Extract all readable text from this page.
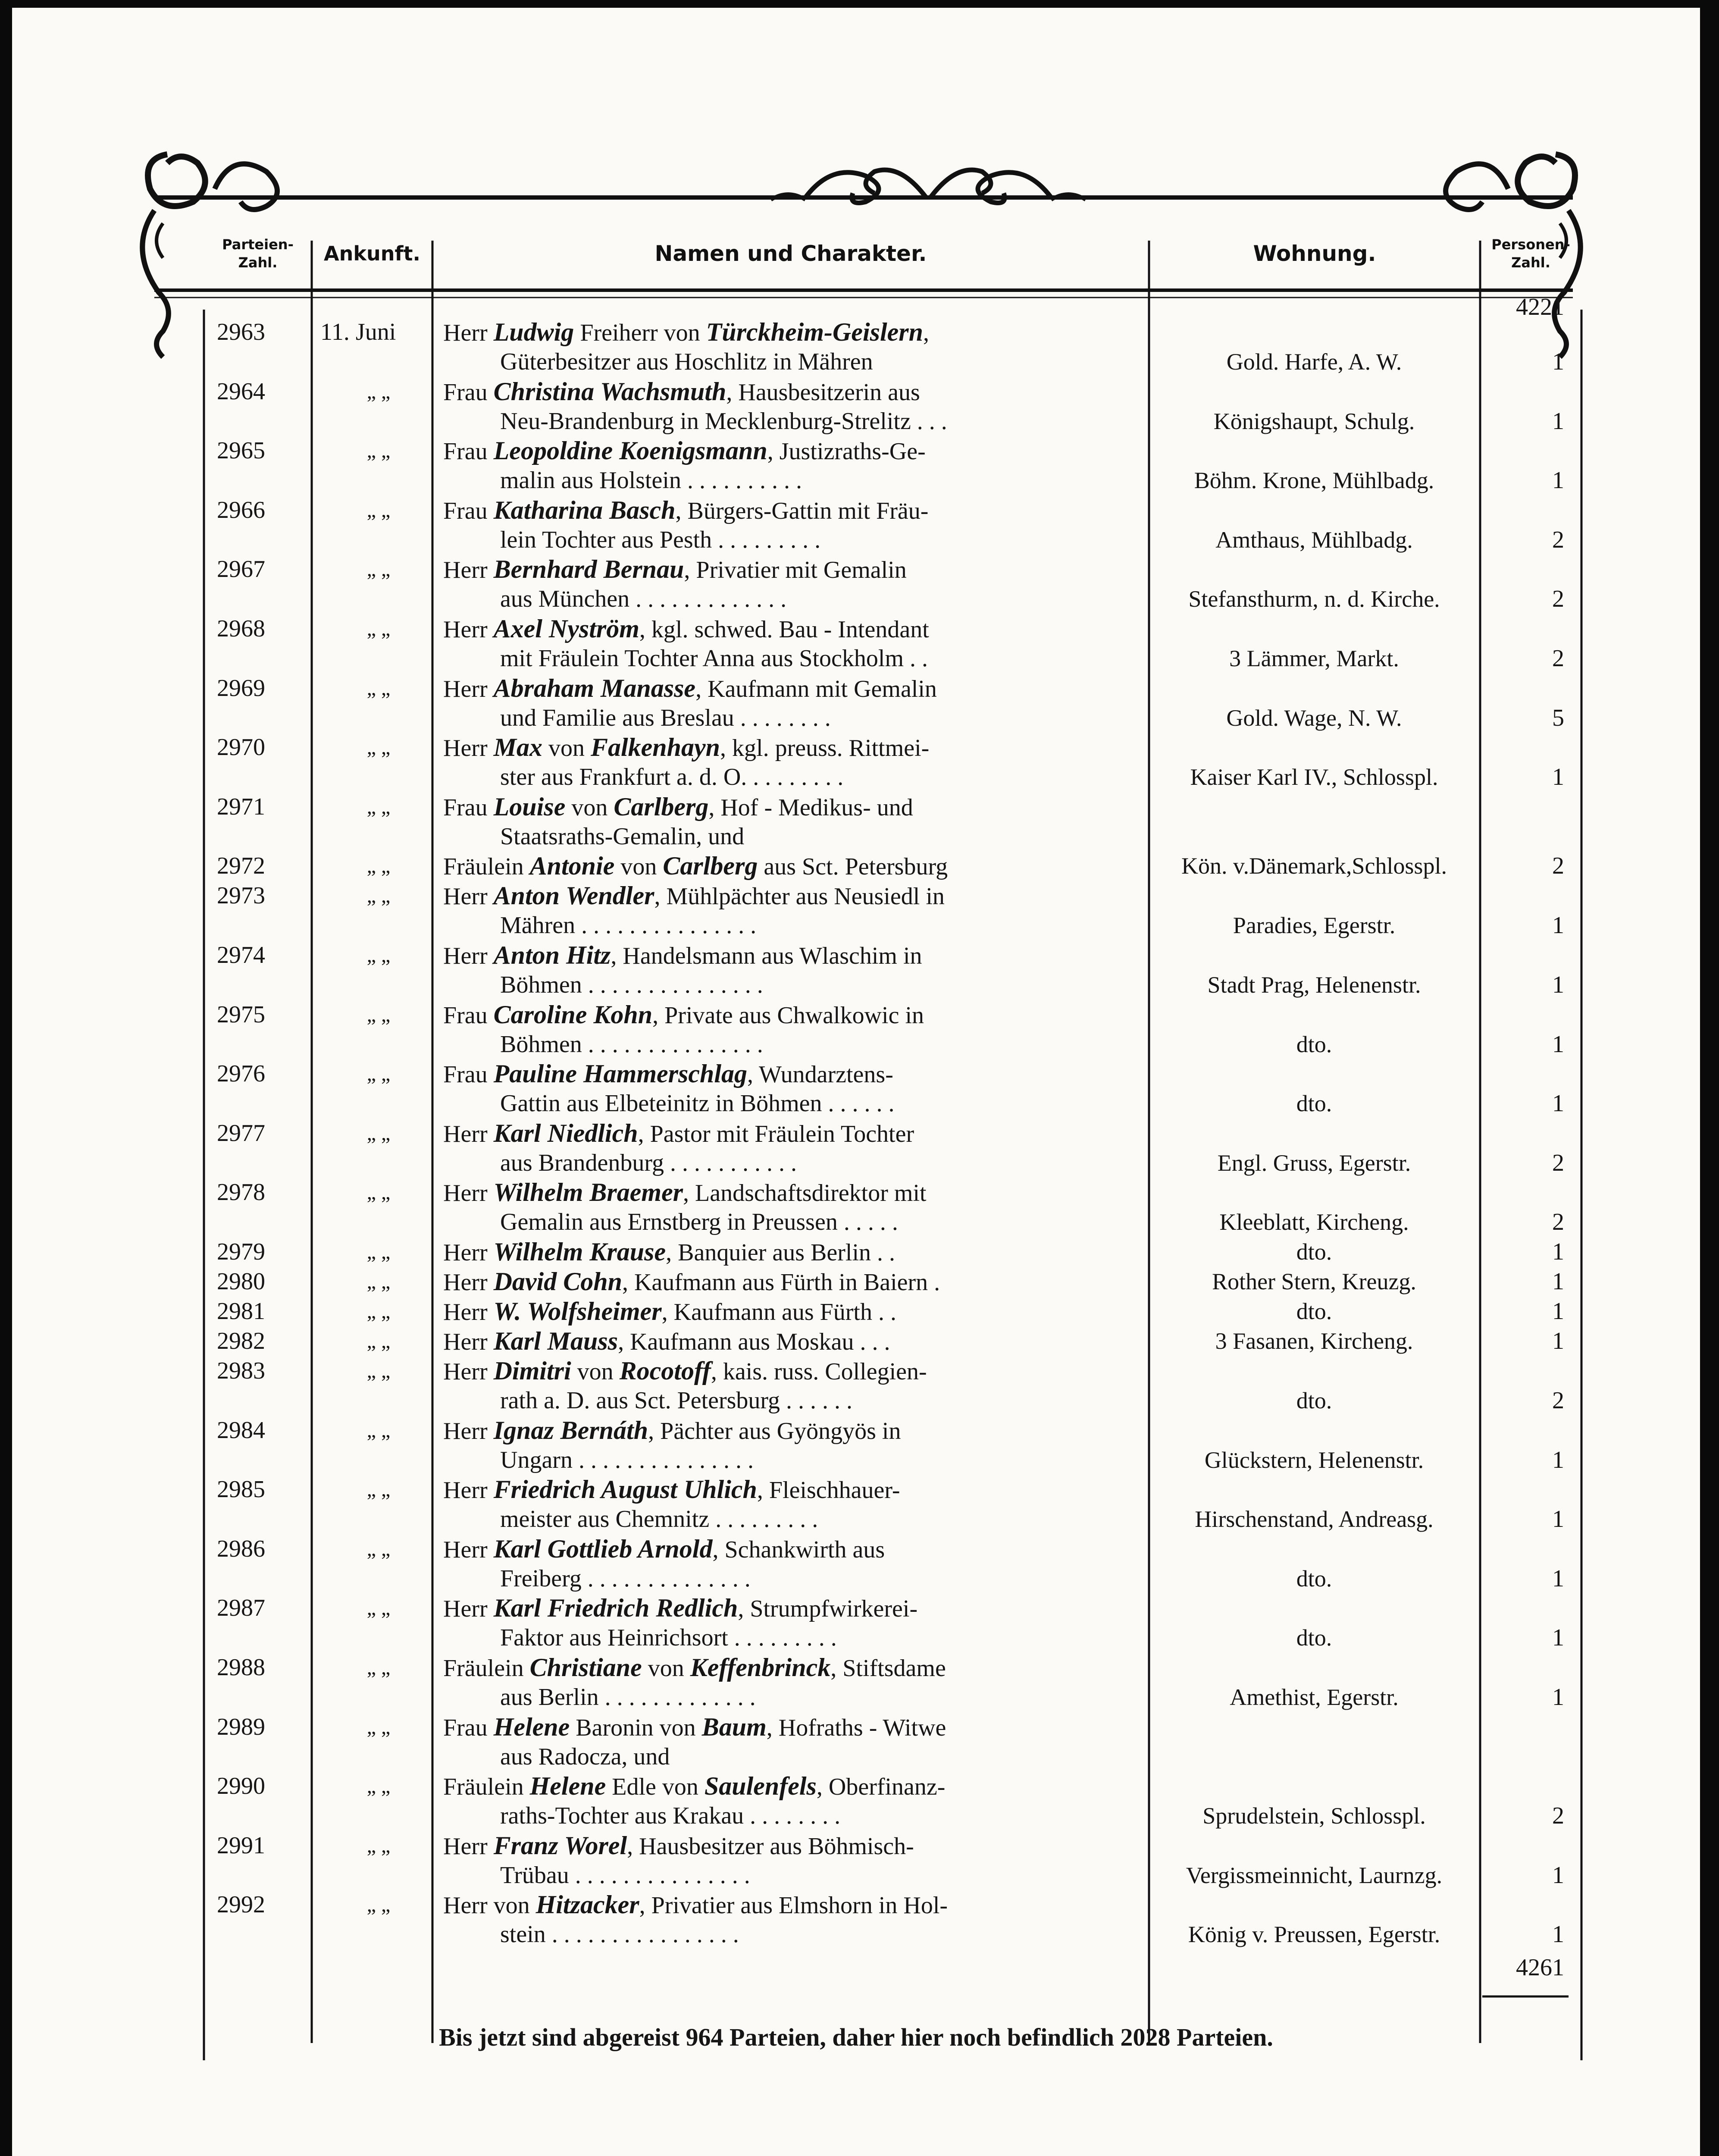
Parteien-
Zahl.	Ankunft.	Namen und Charakter.	Wohnung.	Personen-
Zahl.
4221
2963	11. Juni	Herr Ludwig Freiherr von Türckheim-Geislern,
Güterbesitzer aus Hoschlitz in Mähren	Gold. Harfe, A. W.	1
2964	„ „	Frau Christina Wachsmuth, Hausbesitzerin aus
Neu-Brandenburg in Mecklenburg-Strelitz . . .	Königshaupt, Schulg.	1
2965	„ „	Frau Leopoldine Koenigsmann, Justizraths-Ge-
malin aus Holstein . . . . . . . . . .	Böhm. Krone, Mühlbadg.	1
2966	„ „	Frau Katharina Basch, Bürgers-Gattin mit Fräu-
lein Tochter aus Pesth . . . . . . . . .	Amthaus, Mühlbadg.	2
2967	„ „	Herr Bernhard Bernau, Privatier mit Gemalin
aus München . . . . . . . . . . . . .	Stefansthurm, n. d. Kirche.	2
2968	„ „	Herr Axel Nyström, kgl. schwed. Bau - Intendant
mit Fräulein Tochter Anna aus Stockholm . .	3 Lämmer, Markt.	2
2969	„ „	Herr Abraham Manasse, Kaufmann mit Gemalin
und Familie aus Breslau . . . . . . . .	Gold. Wage, N. W.	5
2970	„ „	Herr Max von Falkenhayn, kgl. preuss. Rittmei-
ster aus Frankfurt a. d. O. . . . . . . . .	Kaiser Karl IV., Schlosspl.	1
2971	„ „	Frau Louise von Carlberg, Hof - Medikus- und
Staatsraths-Gemalin, und
2972	„ „	Fräulein Antonie von Carlberg aus Sct. Petersburg	Kön. v.Dänemark,Schlosspl.	2
2973	„ „	Herr Anton Wendler, Mühlpächter aus Neusiedl in
Mähren . . . . . . . . . . . . . . .	Paradies, Egerstr.	1
2974	„ „	Herr Anton Hitz, Handelsmann aus Wlaschim in
Böhmen . . . . . . . . . . . . . . .	Stadt Prag, Helenenstr.	1
2975	„ „	Frau Caroline Kohn, Private aus Chwalkowic in
Böhmen . . . . . . . . . . . . . . .	dto.	1
2976	„ „	Frau Pauline Hammerschlag, Wundarztens-
Gattin aus Elbeteinitz in Böhmen . . . . . .	dto.	1
2977	„ „	Herr Karl Niedlich, Pastor mit Fräulein Tochter
aus Brandenburg . . . . . . . . . . .	Engl. Gruss, Egerstr.	2
2978	„ „	Herr Wilhelm Braemer, Landschaftsdirektor mit
Gemalin aus Ernstberg in Preussen . . . . .	Kleeblatt, Kircheng.	2
2979	„ „	Herr Wilhelm Krause, Banquier aus Berlin . .	dto.	1
2980	„ „	Herr David Cohn, Kaufmann aus Fürth in Baiern .	Rother Stern, Kreuzg.	1
2981	„ „	Herr W. Wolfsheimer, Kaufmann aus Fürth . .	dto.	1
2982	„ „	Herr Karl Mauss, Kaufmann aus Moskau . . .	3 Fasanen, Kircheng.	1
2983	„ „	Herr Dimitri von Rocotoff, kais. russ. Collegien-
rath a. D. aus Sct. Petersburg . . . . . .	dto.	2
2984	„ „	Herr Ignaz Bernáth, Pächter aus Gyöngyös in
Ungarn . . . . . . . . . . . . . . .	Glückstern, Helenenstr.	1
2985	„ „	Herr Friedrich August Uhlich, Fleischhauer-
meister aus Chemnitz . . . . . . . . .	Hirschenstand, Andreasg.	1
2986	„ „	Herr Karl Gottlieb Arnold, Schankwirth aus
Freiberg . . . . . . . . . . . . . .	dto.	1
2987	„ „	Herr Karl Friedrich Redlich, Strumpfwirkerei-
Faktor aus Heinrichsort . . . . . . . . .	dto.	1
2988	„ „	Fräulein Christiane von Keffenbrinck, Stiftsdame
aus Berlin . . . . . . . . . . . . .	Amethist, Egerstr.	1
2989	„ „	Frau Helene Baronin von Baum, Hofraths - Witwe
aus Radocza, und
2990	„ „	Fräulein Helene Edle von Saulenfels, Oberfinanz-
raths-Tochter aus Krakau . . . . . . . .	Sprudelstein, Schlosspl.	2
2991	„ „	Herr Franz Worel, Hausbesitzer aus Böhmisch-
Trübau . . . . . . . . . . . . . . .	Vergissmeinnicht, Laurnzg.	1
2992	„ „	Herr von Hitzacker, Privatier aus Elmshorn in Hol-
stein . . . . . . . . . . . . . . . .	König v. Preussen, Egerstr.	1
4261
Bis jetzt sind abgereist 964 Parteien, daher hier noch befindlich 2028 Parteien.
